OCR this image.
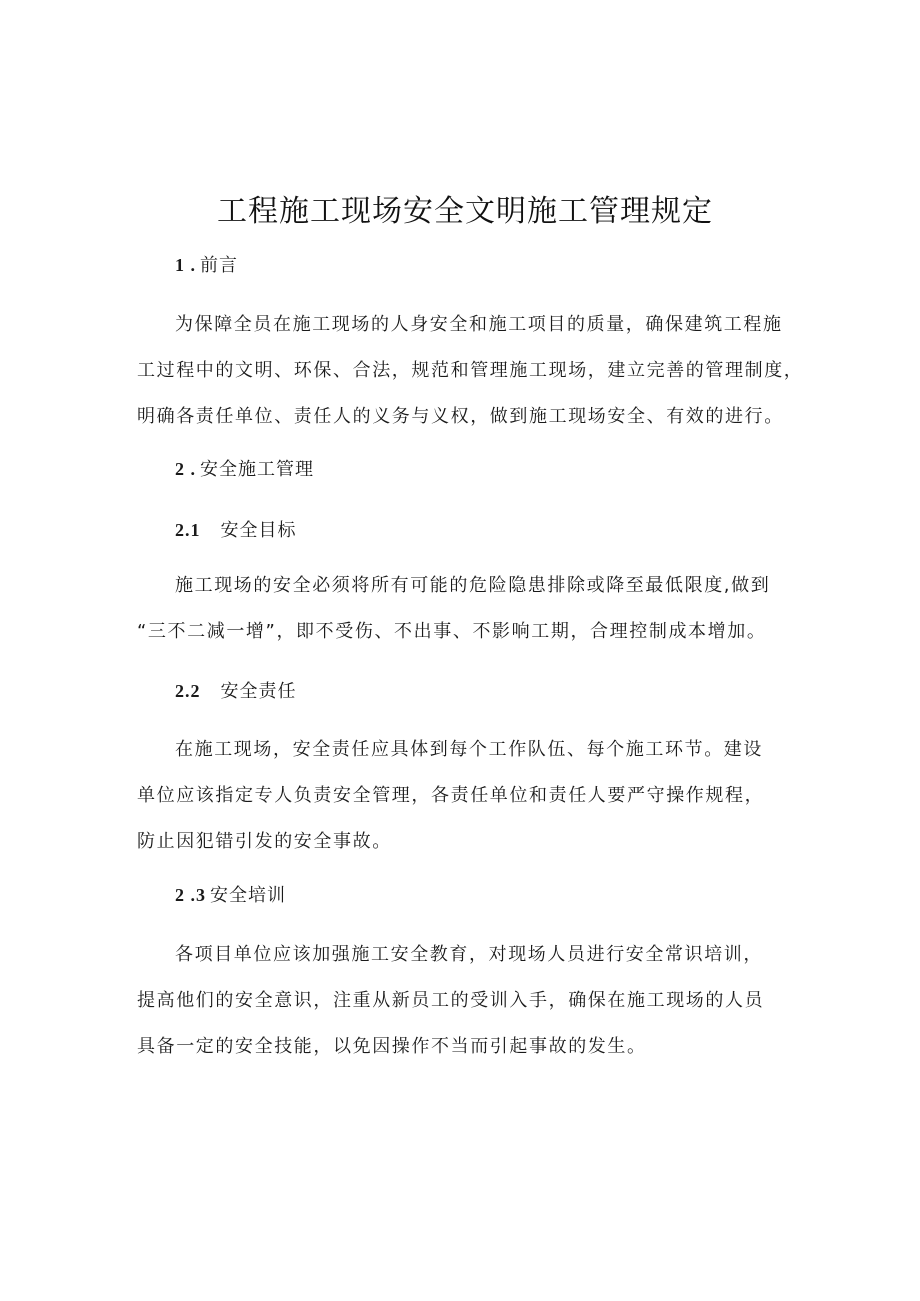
工程施工现场安全文明施工管理规定
1 . 前言
为保障全员在施工现场的人身安全和施工项目的质量，确保建筑工程施
工过程中的文明、环保、合法，规范和管理施工现场，建立完善的管理制度，
明确各责任单位、责任人的义务与义权，做到施工现场安全、有效的进行。
2 . 安全施工管理
2.1 安全目标
施工现场的安全必须将所有可能的危险隐患排除或降至最低限度,做到
“三不二减一增”，即不受伤、不出事、不影响工期，合理控制成本增加。
2.2 安全责任
在施工现场，安全责任应具体到每个工作队伍、每个施工环节。建设
单位应该指定专人负责安全管理，各责任单位和责任人要严守操作规程，
防止因犯错引发的安全事故。
2 .3 安全培训
各项目单位应该加强施工安全教育，对现场人员进行安全常识培训，
提高他们的安全意识，注重从新员工的受训入手，确保在施工现场的人员
具备一定的安全技能，以免因操作不当而引起事故的发生。
